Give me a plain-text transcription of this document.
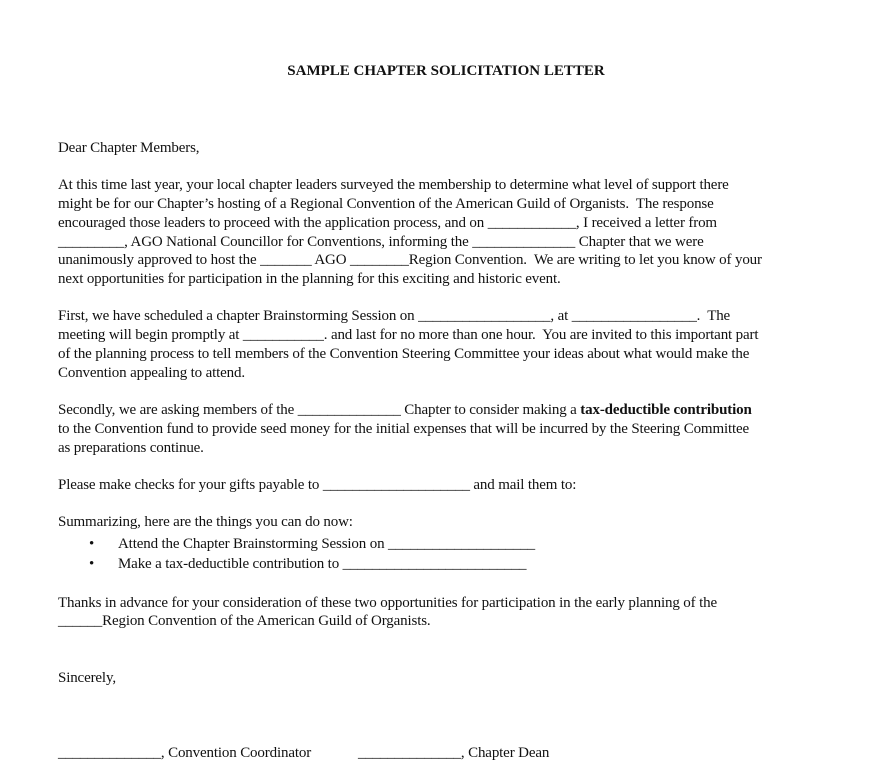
SAMPLE CHAPTER SOLICITATION LETTER
Dear Chapter Members,
At this time last year, your local chapter leaders surveyed the membership to determine what level of support there
might be for our Chapter’s hosting of a Regional Convention of the American Guild of Organists.  The response
encouraged those leaders to proceed with the application process, and on ____________, I received a letter from
_________, AGO National Councillor for Conventions, informing the ______________ Chapter that we were
unanimously approved to host the _______ AGO ________Region Convention.  We are writing to let you know of your
next opportunities for participation in the planning for this exciting and historic event.
First, we have scheduled a chapter Brainstorming Session on __________________, at _________________.  The
meeting will begin promptly at ___________. and last for no more than one hour.  You are invited to this important part
of the planning process to tell members of the Convention Steering Committee your ideas about what would make the
Convention appealing to attend.
Secondly, we are asking members of the ______________ Chapter to consider making a tax-deductible contribution
to the Convention fund to provide seed money for the initial expenses that will be incurred by the Steering Committee
as preparations continue.
Please make checks for your gifts payable to ____________________ and mail them to:
Summarizing, here are the things you can do now:
• Attend the Chapter Brainstorming Session on ____________________
• Make a tax-deductible contribution to _________________________
Thanks in advance for your consideration of these two opportunities for participation in the early planning of the
______Region Convention of the American Guild of Organists.
Sincerely,
______________, Convention Coordinator	______________, Chapter Dean
